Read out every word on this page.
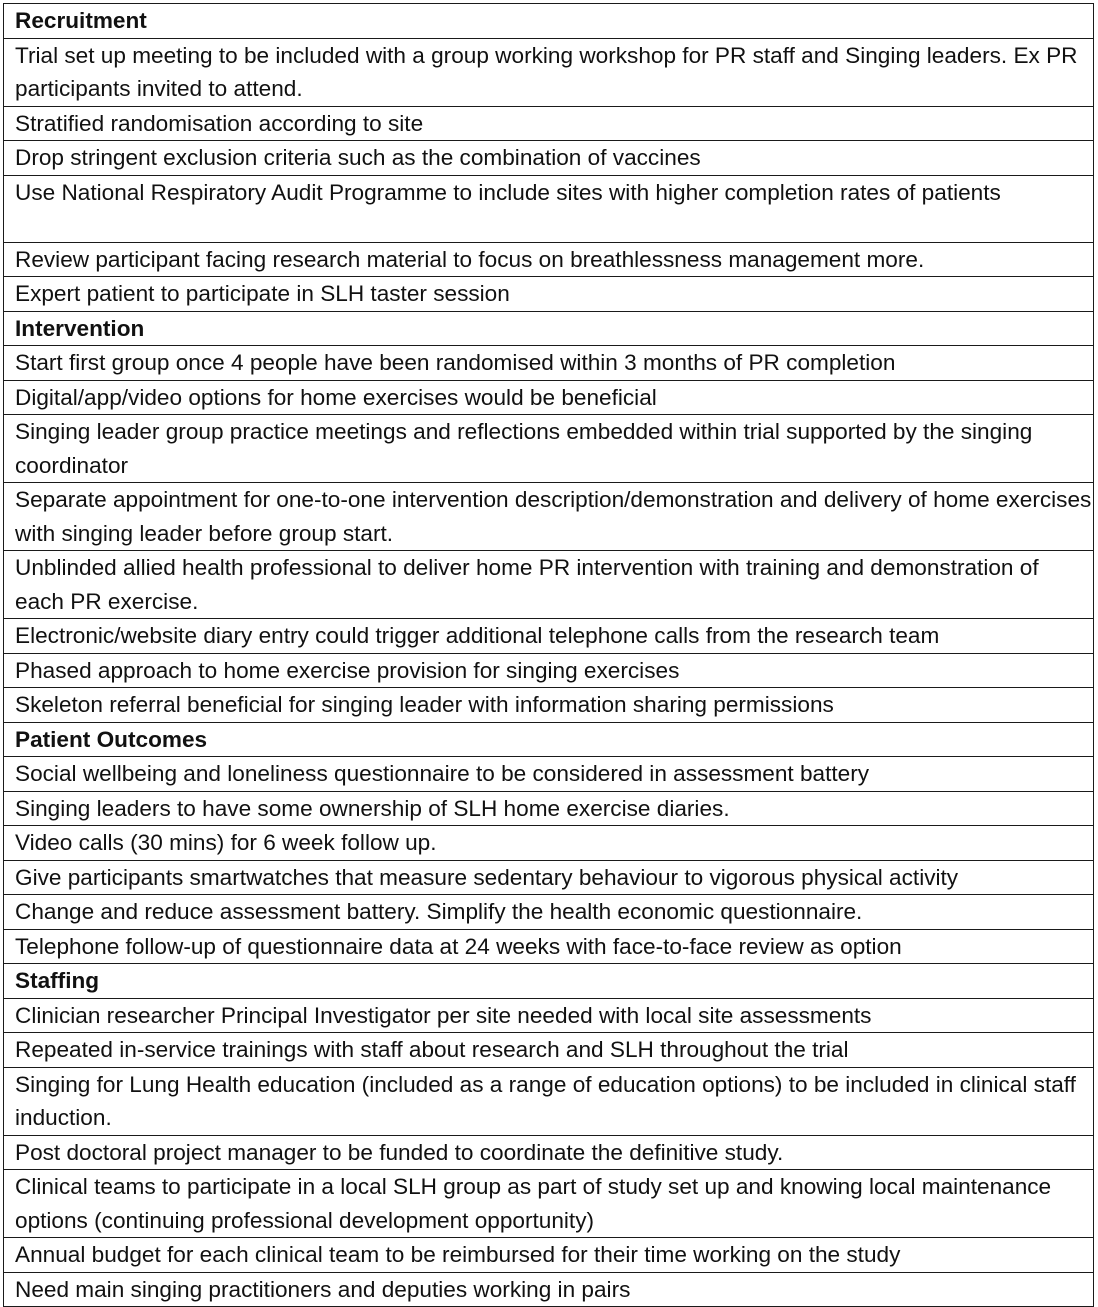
Recruitment
Trial set up meeting to be included with a group working workshop for PR staff and Singing leaders. Ex PR participants invited to attend.
Stratified randomisation according to site
Drop stringent exclusion criteria such as the combination of vaccines
Use National Respiratory Audit Programme to include sites with higher completion rates of patients
Review participant facing research material to focus on breathlessness management more.
Expert patient to participate in SLH taster session
Intervention
Start first group once 4 people have been randomised within 3 months of PR completion
Digital/app/video options for home exercises would be beneficial
Singing leader group practice meetings and reflections embedded within trial supported by the singing coordinator
Separate appointment for one-to-one intervention description/demonstration and delivery of home exercises with singing leader before group start.
Unblinded allied health professional to deliver home PR intervention with training and demonstration of each PR exercise.
Electronic/website diary entry could trigger additional telephone calls from the research team
Phased approach to home exercise provision for singing exercises
Skeleton referral beneficial for singing leader with information sharing permissions
Patient Outcomes
Social wellbeing and loneliness questionnaire to be considered in assessment battery
Singing leaders to have some ownership of SLH home exercise diaries.
Video calls (30 mins) for 6 week follow up.
Give participants smartwatches that measure sedentary behaviour to vigorous physical activity
Change and reduce assessment battery. Simplify the health economic questionnaire.
Telephone follow-up of questionnaire data at 24 weeks with face-to-face review as option
Staffing
Clinician researcher Principal Investigator per site needed with local site assessments
Repeated in-service trainings with staff about research and SLH throughout the trial
Singing for Lung Health education (included as a range of education options) to be included in clinical staff induction.
Post doctoral project manager to be funded to coordinate the definitive study.
Clinical teams to participate in a local SLH group as part of study set up and knowing local maintenance options (continuing professional development opportunity)
Annual budget for each clinical team to be reimbursed for their time working on the study
Need main singing practitioners and deputies working in pairs
